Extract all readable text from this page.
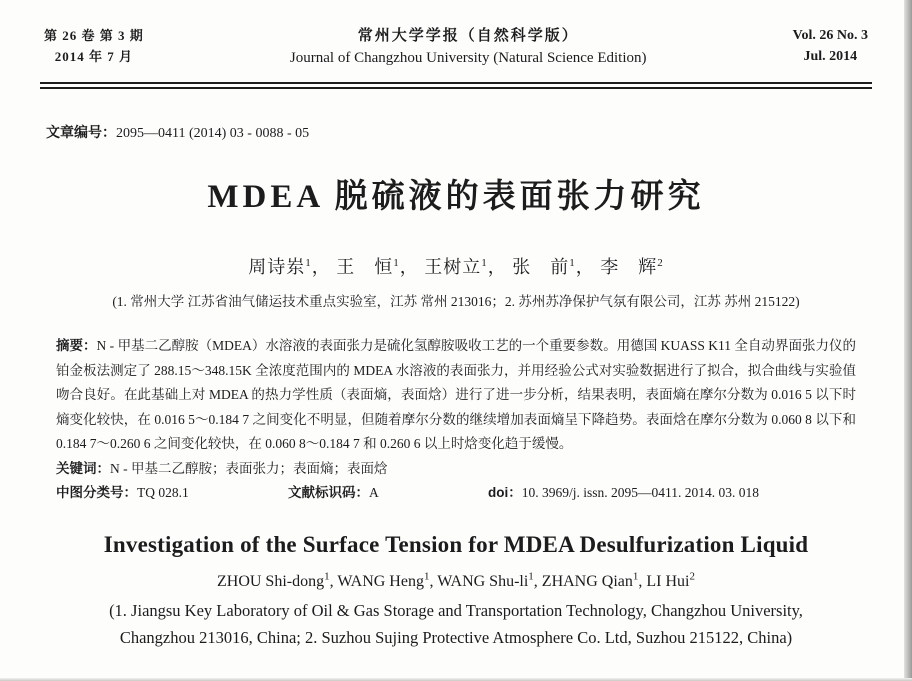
第 26 卷 第 3 期
2014 年 7 月
常州大学学报（自然科学版）
Journal of Changzhou University (Natural Science Edition)
Vol. 26 No. 3
Jul. 2014
文章编号：2095—0411 (2014) 03 - 0088 - 05
MDEA 脱硫液的表面张力研究
周诗岽$^1$， 王　恒$^1$， 王树立$^1$， 张　前$^1$， 李　辉$^2$
(1. 常州大学 江苏省油气储运技术重点实验室，江苏 常州 213016；2. 苏州苏净保护气氛有限公司，江苏 苏州 215122)
摘要：N - 甲基二乙醇胺（MDEA）水溶液的表面张力是硫化氢醇胺吸收工艺的一个重要参数。用德国 KUASS K11 全自动界面张力仪的铂金板法测定了 288.15～348.15K 全浓度范围内的 MDEA 水溶液的表面张力，并用经验公式对实验数据进行了拟合，拟合曲线与实验值吻合良好。在此基础上对 MDEA 的热力学性质（表面熵，表面焓）进行了进一步分析，结果表明，表面熵在摩尔分数为 0.016 5 以下时熵变化较快，在 0.016 5～0.184 7 之间变化不明显，但随着摩尔分数的继续增加表面熵呈下降趋势。表面焓在摩尔分数为 0.060 8 以下和 0.184 7～0.260 6 之间变化较快，在 0.060 8～0.184 7 和 0.260 6 以上时焓变化趋于缓慢。
关键词：N - 甲基二乙醇胺；表面张力；表面熵；表面焓
中图分类号：TQ 028.1	文献标识码：A	doi：10. 3969/j. issn. 2095—0411. 2014. 03. 018
Investigation of the Surface Tension for MDEA Desulfurization Liquid
ZHOU Shi-dong$^1$, WANG Heng$^1$, WANG Shu-$li^1$, ZHANG Qian$^1$, LI Hui$^2$
(1. Jiangsu Key Laboratory of Oil & Gas Storage and Transportation Technology, Changzhou University,
Changzhou 213016, China; 2. Suzhou Sujing Protective Atmosphere Co. Ltd, Suzhou 215122, China)
